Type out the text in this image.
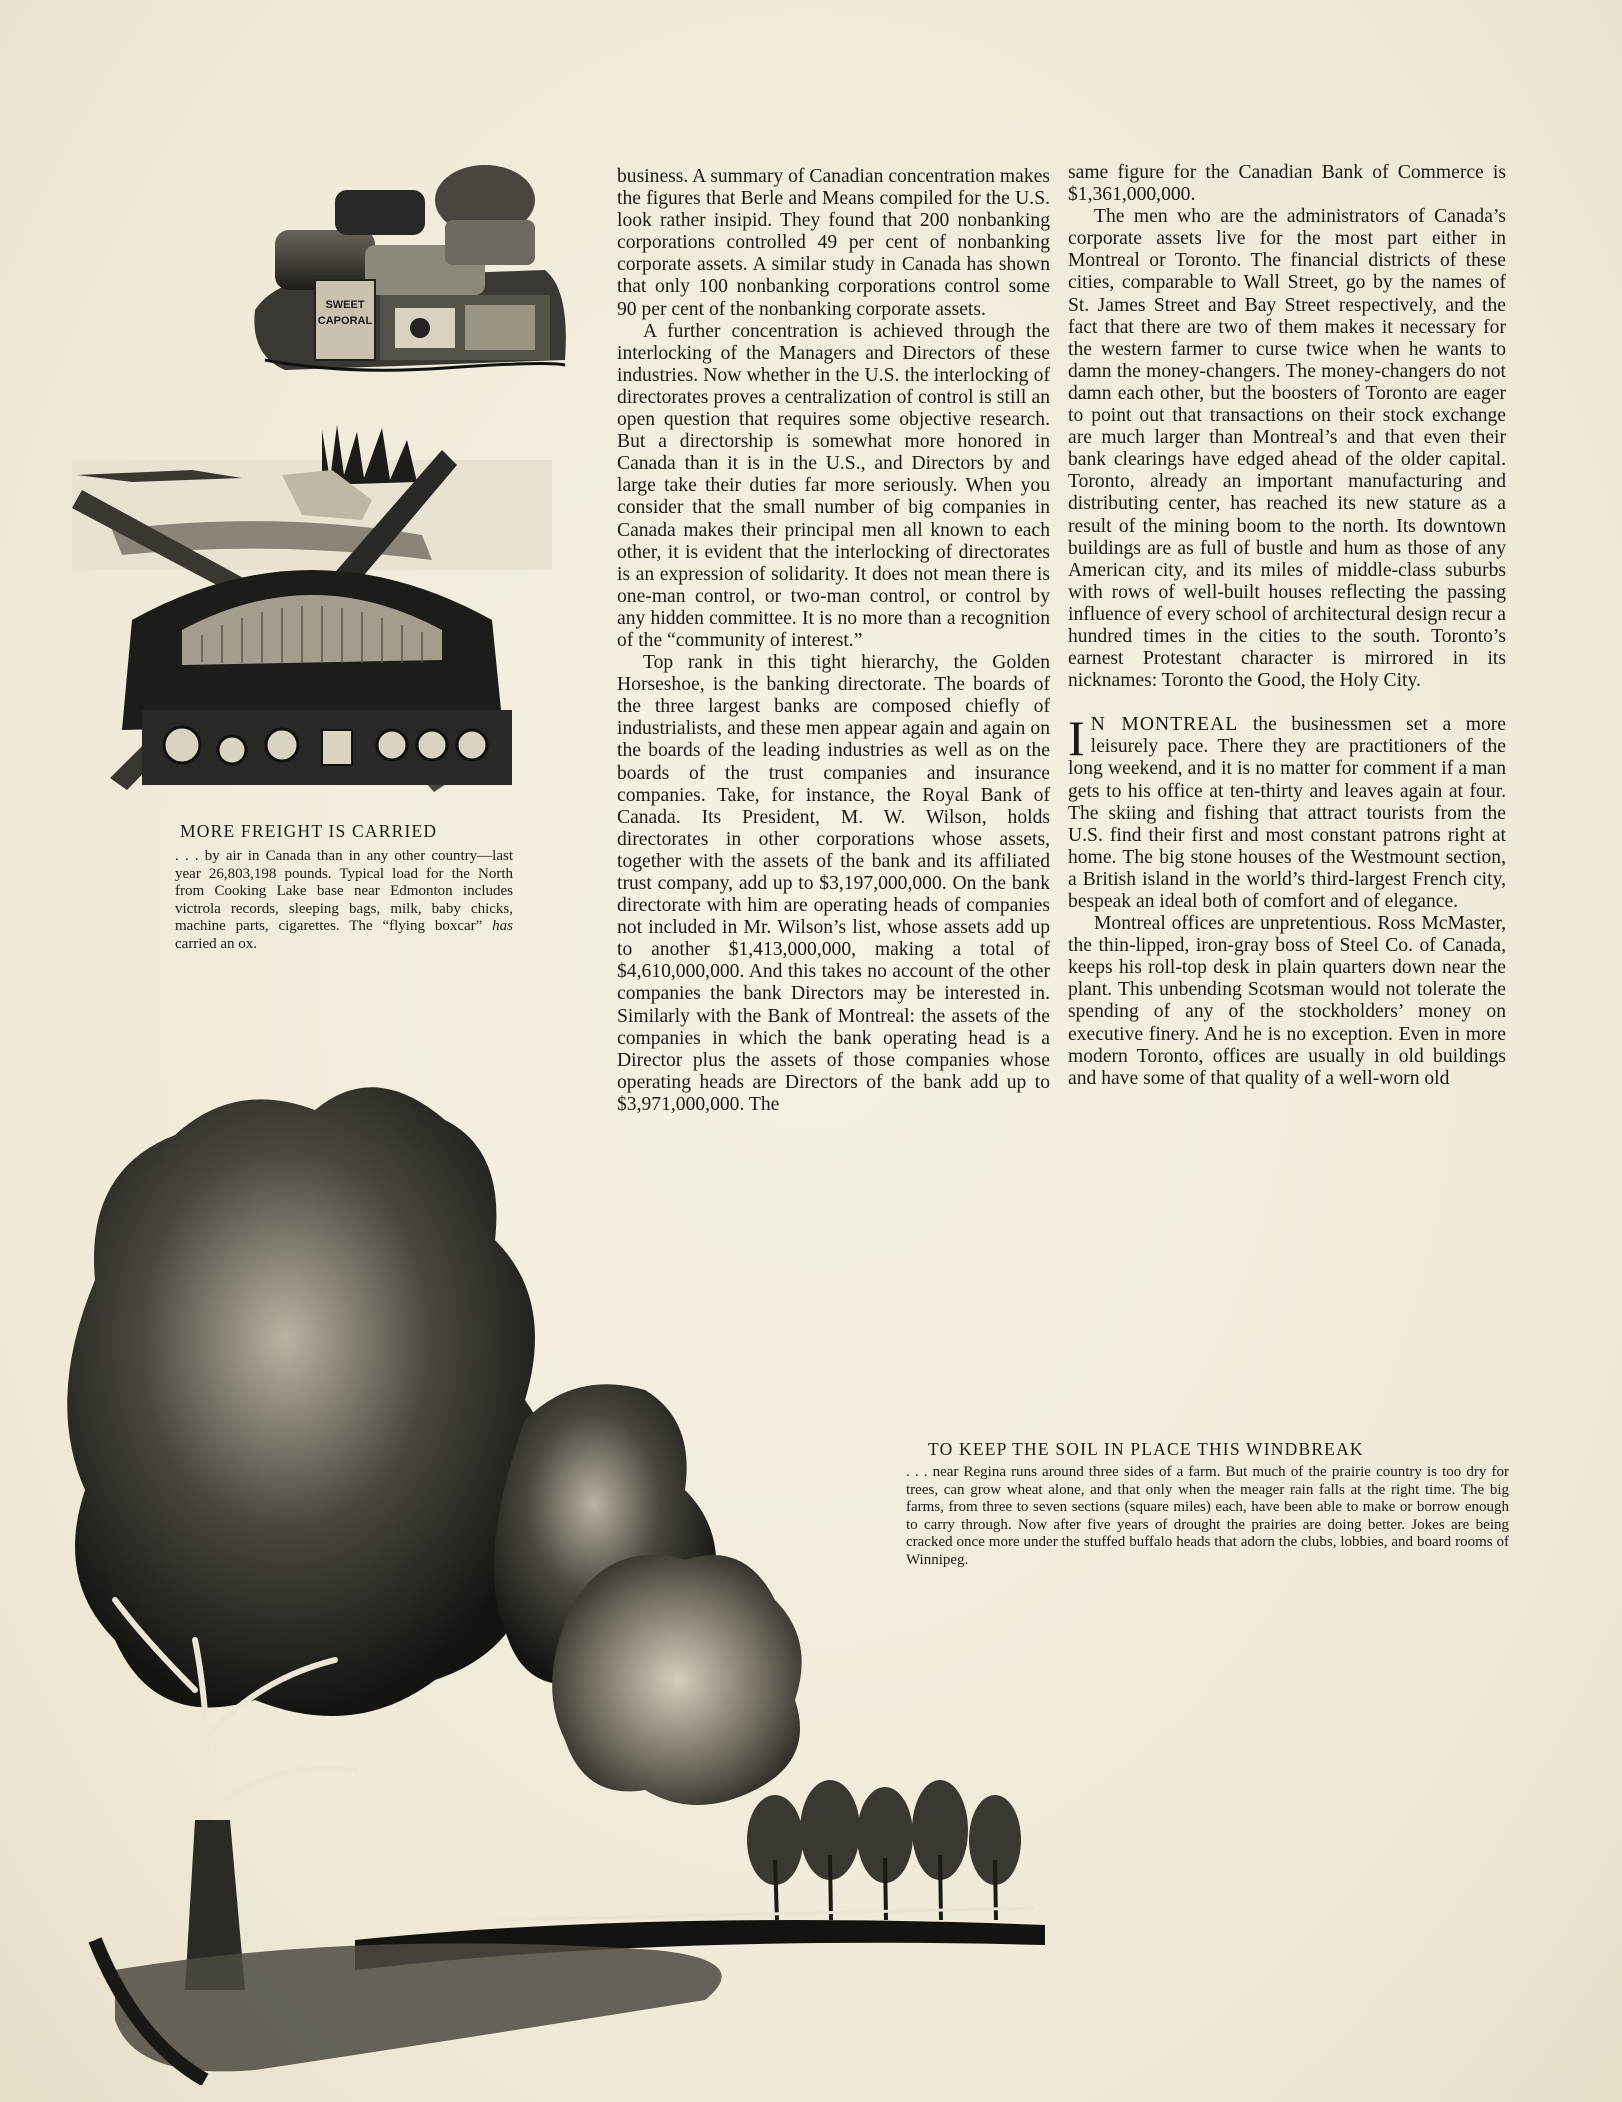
SWEET
CAPORAL

business. A summary of Canadian concentration makes the figures that Berle and Means compiled for the U.S. look rather insipid. They found that 200 nonbanking corporations controlled 49 per cent of nonbanking corporate assets. A similar study in Canada has shown that only 100 nonbanking corporations control some 90 per cent of the nonbanking corporate assets.

A further concentration is achieved through the interlocking of the Managers and Directors of these industries. Now whether in the U.S. the interlocking of directorates proves a centralization of control is still an open question that requires some objective research. But a directorship is somewhat more honored in Canada than it is in the U.S., and Directors by and large take their duties far more seriously. When you consider that the small number of big companies in Canada makes their principal men all known to each other, it is evident that the interlocking of directorates is an expression of solidarity. It does not mean there is one-man control, or two-man control, or control by any hidden committee. It is no more than a recognition of the “community of interest.”

Top rank in this tight hierarchy, the Golden Horseshoe, is the banking directorate. The boards of the three largest banks are composed chiefly of industrialists, and these men appear again and again on the boards of the leading industries as well as on the boards of the trust companies and insurance companies. Take, for instance, the Royal Bank of Canada. Its President, M. W. Wilson, holds directorates in other corporations whose assets, together with the assets of the bank and its affiliated trust company, add up to $3,197,000,000. On the bank directorate with him are operating heads of companies not included in Mr. Wilson’s list, whose assets add up to another $1,413,000,000, making a total of $4,610,000,000. And this takes no account of the other companies the bank Directors may be interested in. Similarly with the Bank of Montreal: the assets of the companies in which the bank operating head is a Director plus the assets of those companies whose operating heads are Directors of the bank add up to $3,971,000,000. The

same figure for the Canadian Bank of Commerce is $1,361,000,000.

The men who are the administrators of Canada’s corporate assets live for the most part either in Montreal or Toronto. The financial districts of these cities, comparable to Wall Street, go by the names of St. James Street and Bay Street respectively, and the fact that there are two of them makes it necessary for the western farmer to curse twice when he wants to damn the money-changers. The money-changers do not damn each other, but the boosters of Toronto are eager to point out that transactions on their stock exchange are much larger than Montreal’s and that even their bank clearings have edged ahead of the older capital. Toronto, already an important manufacturing and distributing center, has reached its new stature as a result of the mining boom to the north. Its downtown buildings are as full of bustle and hum as those of any American city, and its miles of middle-class suburbs with rows of well-built houses reflecting the passing influence of every school of architectural design recur a hundred times in the cities to the south. Toronto’s earnest Protestant character is mirrored in its nicknames: Toronto the Good, the Holy City.

I N MONTREAL the businessmen set a more leisurely pace. There they are practitioners of the long weekend, and it is no matter for comment if a man gets to his office at ten-thirty and leaves again at four. The skiing and fishing that attract tourists from the U.S. find their first and most constant patrons right at home. The big stone houses of the Westmount section, a British island in the world’s third-largest French city, bespeak an ideal both of comfort and of elegance.

Montreal offices are unpretentious. Ross McMaster, the thin-lipped, iron-gray boss of Steel Co. of Canada, keeps his roll-top desk in plain quarters down near the plant. This unbending Scotsman would not tolerate the spending of any of the stockholders’ money on executive finery. And he is no exception. Even in more modern Toronto, offices are usually in old buildings and have some of that quality of a well-worn old

MORE FREIGHT IS CARRIED
. . . by air in Canada than in any other country—last year 26,803,198 pounds. Typical load for the North from Cooking Lake base near Edmonton includes victrola records, sleeping bags, milk, baby chicks, machine parts, cigarettes. The “flying boxcar” has carried an ox.
TO KEEP THE SOIL IN PLACE THIS WINDBREAK
. . . near Regina runs around three sides of a farm. But much of the prairie country is too dry for trees, can grow wheat alone, and that only when the meager rain falls at the right time. The big farms, from three to seven sections (square miles) each, have been able to make or borrow enough to carry through. Now after five years of drought the prairies are doing better. Jokes are being cracked once more under the stuffed buffalo heads that adorn the clubs, lobbies, and board rooms of Winnipeg.
